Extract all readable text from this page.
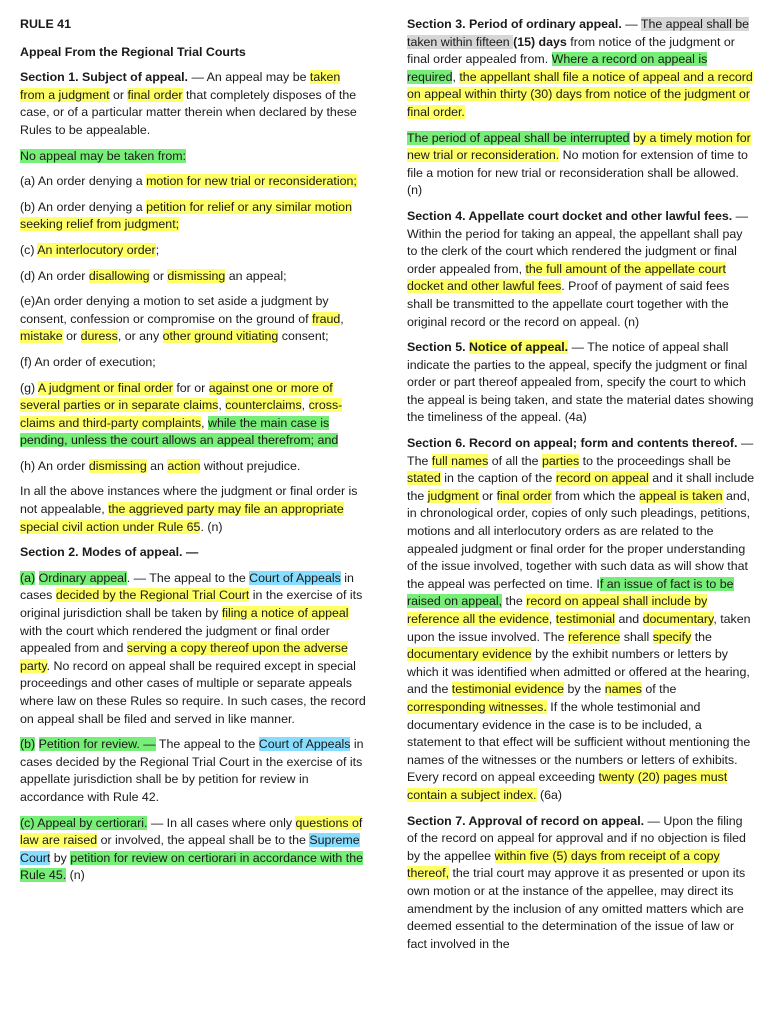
RULE 41
Appeal From the Regional Trial Courts
Section 1. Subject of appeal. — An appeal may be taken from a judgment or final order that completely disposes of the case, or of a particular matter therein when declared by these Rules to be appealable.
No appeal may be taken from:
(a) An order denying a motion for new trial or reconsideration;
(b) An order denying a petition for relief or any similar motion seeking relief from judgment;
(c) An interlocutory order;
(d) An order disallowing or dismissing an appeal;
(e)An order denying a motion to set aside a judgment by consent, confession or compromise on the ground of fraud, mistake or duress, or any other ground vitiating consent;
(f) An order of execution;
(g) A judgment or final order for or against one or more of several parties or in separate claims, counterclaims, cross-claims and third-party complaints, while the main case is pending, unless the court allows an appeal therefrom; and
(h) An order dismissing an action without prejudice.
In all the above instances where the judgment or final order is not appealable, the aggrieved party may file an appropriate special civil action under Rule 65. (n)
Section 2. Modes of appeal. —
(a) Ordinary appeal. — The appeal to the Court of Appeals in cases decided by the Regional Trial Court in the exercise of its original jurisdiction shall be taken by filing a notice of appeal with the court which rendered the judgment or final order appealed from and serving a copy thereof upon the adverse party. No record on appeal shall be required except in special proceedings and other cases of multiple or separate appeals where law on these Rules so require. In such cases, the record on appeal shall be filed and served in like manner.
(b) Petition for review. — The appeal to the Court of Appeals in cases decided by the Regional Trial Court in the exercise of its appellate jurisdiction shall be by petition for review in accordance with Rule 42.
(c) Appeal by certiorari. — In all cases where only questions of law are raised or involved, the appeal shall be to the Supreme Court by petition for review on certiorari in accordance with the Rule 45. (n)
Section 3. Period of ordinary appeal. — The appeal shall be taken within fifteen (15) days from notice of the judgment or final order appealed from. Where a record on appeal is required, the appellant shall file a notice of appeal and a record on appeal within thirty (30) days from notice of the judgment or final order.
The period of appeal shall be interrupted by a timely motion for new trial or reconsideration. No motion for extension of time to file a motion for new trial or reconsideration shall be allowed. (n)
Section 4. Appellate court docket and other lawful fees. — Within the period for taking an appeal, the appellant shall pay to the clerk of the court which rendered the judgment or final order appealed from, the full amount of the appellate court docket and other lawful fees. Proof of payment of said fees shall be transmitted to the appellate court together with the original record or the record on appeal. (n)
Section 5. Notice of appeal. — The notice of appeal shall indicate the parties to the appeal, specify the judgment or final order or part thereof appealed from, specify the court to which the appeal is being taken, and state the material dates showing the timeliness of the appeal. (4a)
Section 6. Record on appeal; form and contents thereof. — The full names of all the parties to the proceedings shall be stated in the caption of the record on appeal and it shall include the judgment or final order from which the appeal is taken and, in chronological order, copies of only such pleadings, petitions, motions and all interlocutory orders as are related to the appealed judgment or final order for the proper understanding of the issue involved, together with such data as will show that the appeal was perfected on time. If an issue of fact is to be raised on appeal, the record on appeal shall include by reference all the evidence, testimonial and documentary, taken upon the issue involved. The reference shall specify the documentary evidence by the exhibit numbers or letters by which it was identified when admitted or offered at the hearing, and the testimonial evidence by the names of the corresponding witnesses. If the whole testimonial and documentary evidence in the case is to be included, a statement to that effect will be sufficient without mentioning the names of the witnesses or the numbers or letters of exhibits. Every record on appeal exceeding twenty (20) pages must contain a subject index. (6a)
Section 7. Approval of record on appeal. — Upon the filing of the record on appeal for approval and if no objection is filed by the appellee within five (5) days from receipt of a copy thereof, the trial court may approve it as presented or upon its own motion or at the instance of the appellee, may direct its amendment by the inclusion of any omitted matters which are deemed essential to the determination of the issue of law or fact involved in the
